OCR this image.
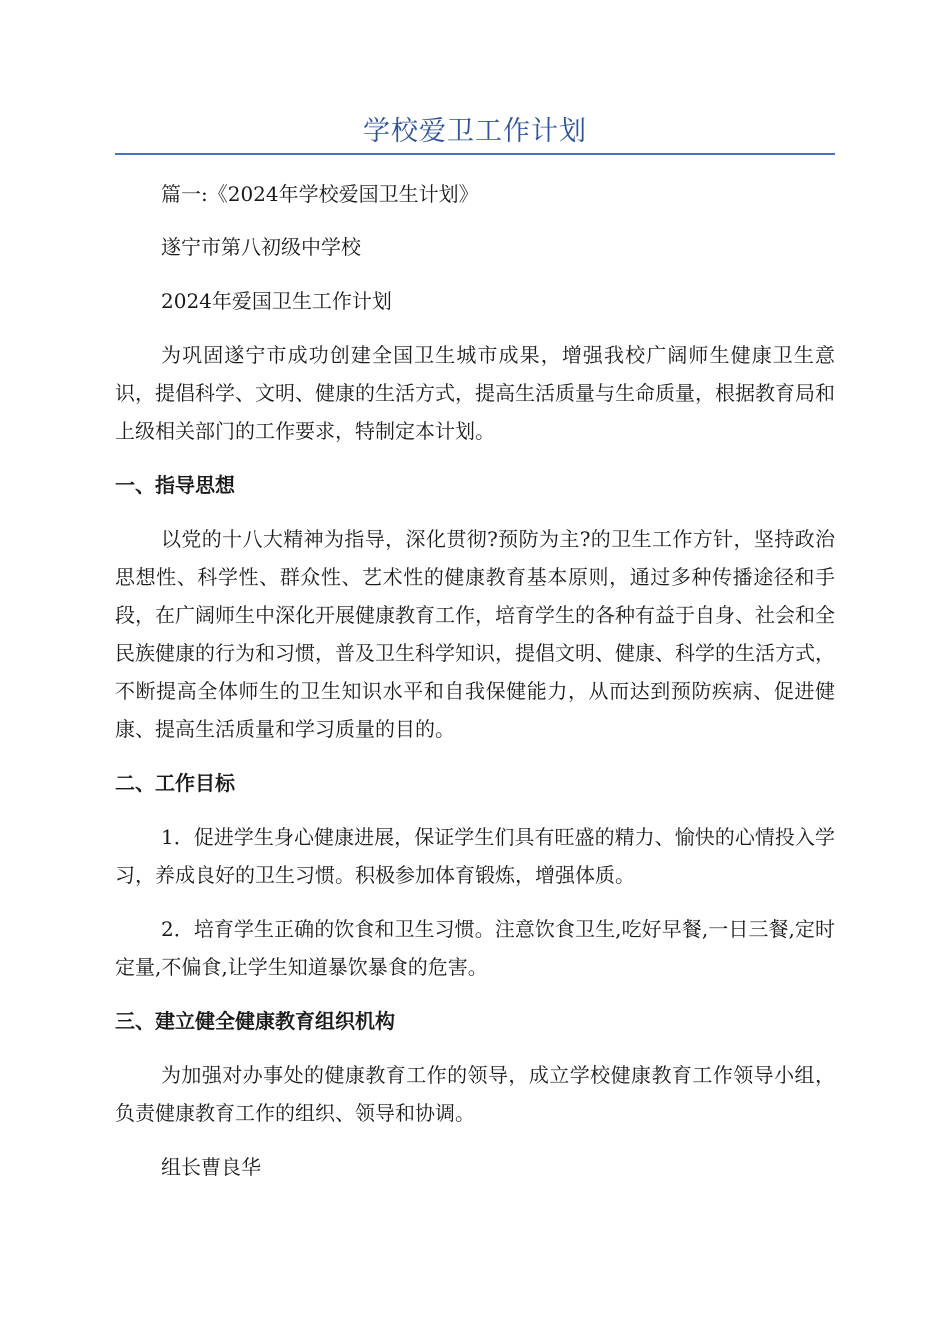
学校爱卫工作计划

篇一:《2024年学校爱国卫生计划》

遂宁市第八初级中学校

2024年爱国卫生工作计划

为巩固遂宁市成功创建全国卫生城市成果，增强我校广阔师生健康卫生意识，提倡科学、文明、健康的生活方式，提高生活质量与生命质量，根据教育局和上级相关部门的工作要求，特制定本计划。

一、指导思想

以党的十八大精神为指导，深化贯彻?预防为主?的卫生工作方针，坚持政治思想性、科学性、群众性、艺术性的健康教育基本原则，通过多种传播途径和手段，在广阔师生中深化开展健康教育工作，培育学生的各种有益于自身、社会和全民族健康的行为和习惯，普及卫生科学知识，提倡文明、健康、科学的生活方式，不断提高全体师生的卫生知识水平和自我保健能力，从而达到预防疾病、促进健康、提高生活质量和学习质量的目的。

二、工作目标

1．促进学生身心健康进展，保证学生们具有旺盛的精力、愉快的心情投入学习，养成良好的卫生习惯。积极参加体育锻炼，增强体质。

2．培育学生正确的饮食和卫生习惯。注意饮食卫生,吃好早餐,一日三餐,定时定量,不偏食,让学生知道暴饮暴食的危害。

三、建立健全健康教育组织机构

为加强对办事处的健康教育工作的领导，成立学校健康教育工作领导小组，负责健康教育工作的组织、领导和协调。

组长曹良华
